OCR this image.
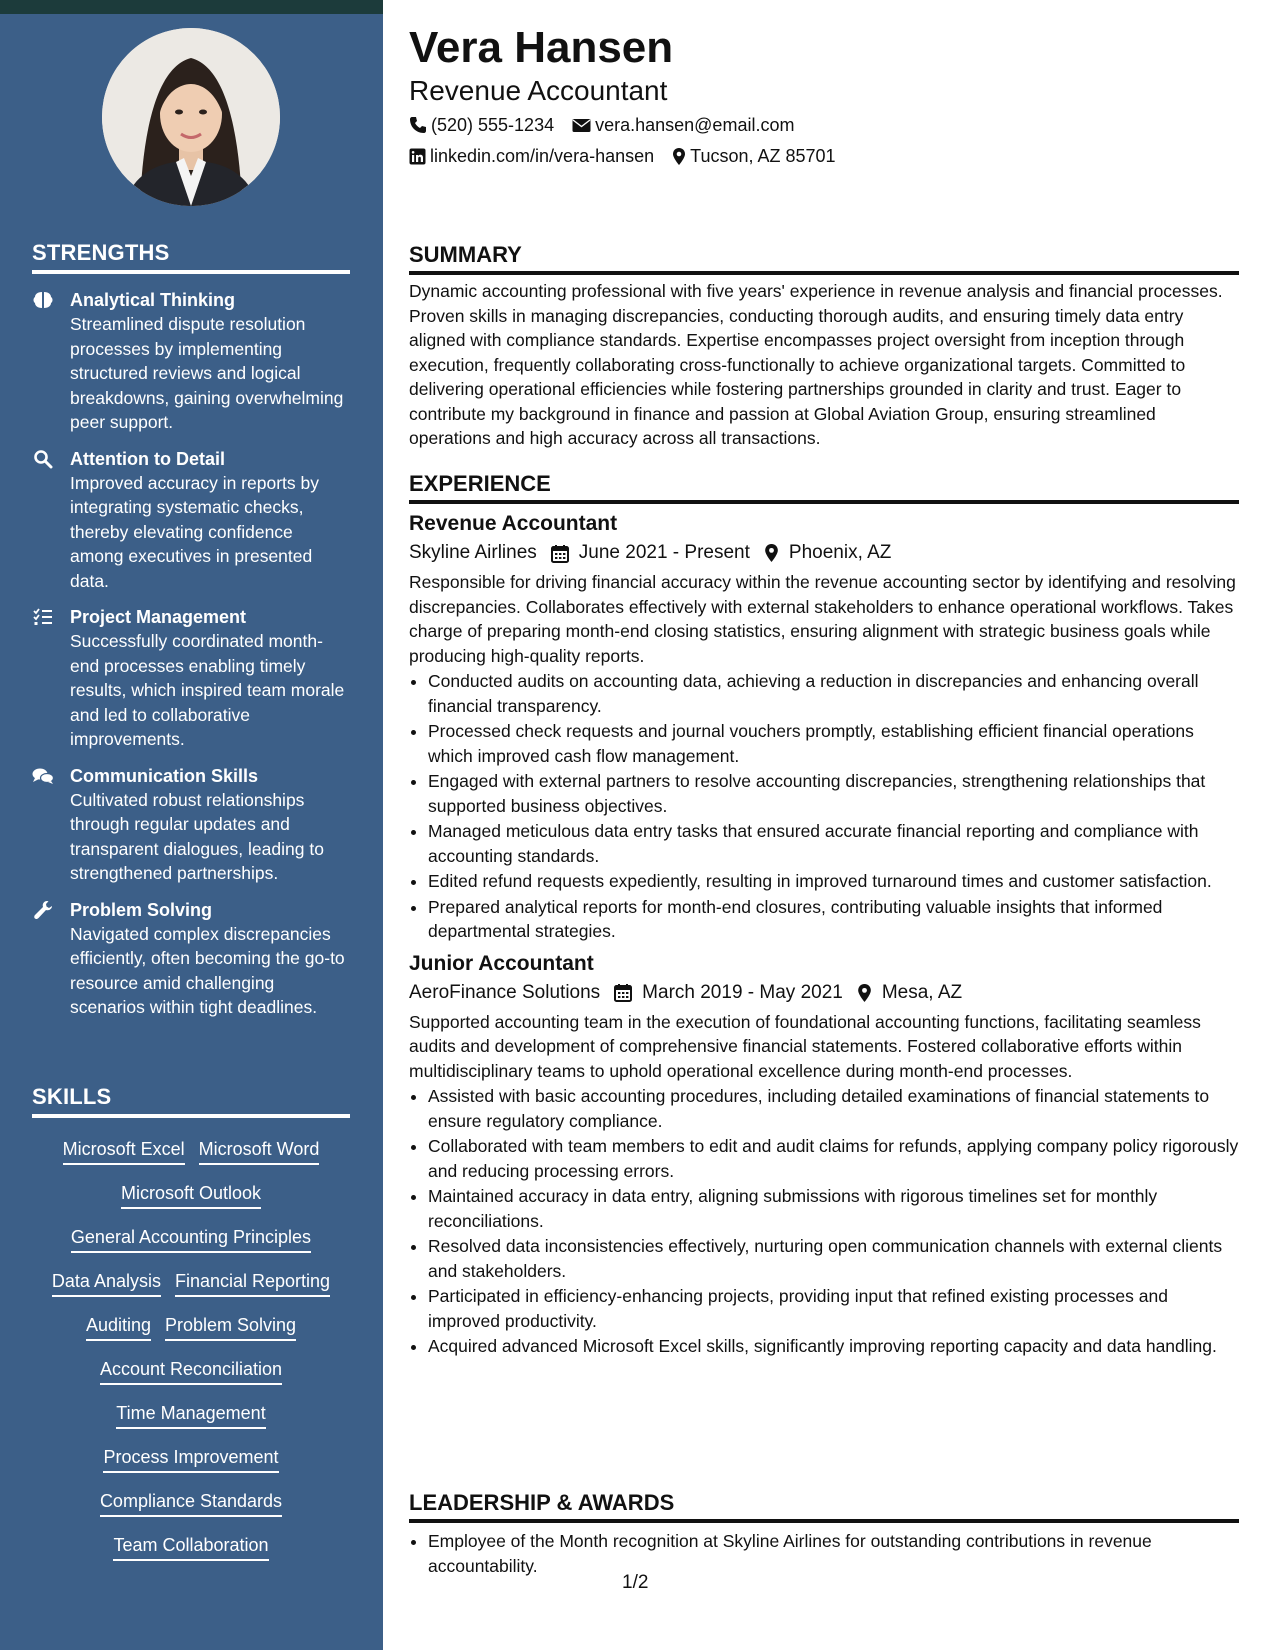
STRENGTHS
Analytical Thinking
Streamlined dispute resolution processes by implementing structured reviews and logical breakdowns, gaining overwhelming peer support.
Attention to Detail
Improved accuracy in reports by integrating systematic checks, thereby elevating confidence among executives in presented data.
Project Management
Successfully coordinated month-end processes enabling timely results, which inspired team morale and led to collaborative improvements.
Communication Skills
Cultivated robust relationships through regular updates and transparent dialogues, leading to strengthened partnerships.
Problem Solving
Navigated complex discrepancies efficiently, often becoming the go-to resource amid challenging scenarios within tight deadlines.
SKILLS
Microsoft Excel Microsoft Word
Microsoft Outlook
General Accounting Principles
Data Analysis Financial Reporting
Auditing Problem Solving
Account Reconciliation
Time Management
Process Improvement
Compliance Standards
Team Collaboration
Vera Hansen
Revenue Accountant
(520) 555-1234 vera.hansen@email.com
linkedin.com/in/vera-hansen Tucson, AZ 85701
SUMMARY
Dynamic accounting professional with five years' experience in revenue analysis and financial processes. Proven skills in managing discrepancies, conducting thorough audits, and ensuring timely data entry aligned with compliance standards. Expertise encompasses project oversight from inception through execution, frequently collaborating cross-functionally to achieve organizational targets. Committed to delivering operational efficiencies while fostering partnerships grounded in clarity and trust. Eager to contribute my background in finance and passion at Global Aviation Group, ensuring streamlined operations and high accuracy across all transactions.
EXPERIENCE
Revenue Accountant
Skyline Airlines June 2021 - Present Phoenix, AZ
Responsible for driving financial accuracy within the revenue accounting sector by identifying and resolving discrepancies. Collaborates effectively with external stakeholders to enhance operational workflows. Takes charge of preparing month-end closing statistics, ensuring alignment with strategic business goals while producing high-quality reports.
• Conducted audits on accounting data, achieving a reduction in discrepancies and enhancing overall financial transparency.
• Processed check requests and journal vouchers promptly, establishing efficient financial operations which improved cash flow management.
• Engaged with external partners to resolve accounting discrepancies, strengthening relationships that supported business objectives.
• Managed meticulous data entry tasks that ensured accurate financial reporting and compliance with accounting standards.
• Edited refund requests expediently, resulting in improved turnaround times and customer satisfaction.
• Prepared analytical reports for month-end closures, contributing valuable insights that informed departmental strategies.
Junior Accountant
AeroFinance Solutions March 2019 - May 2021 Mesa, AZ
Supported accounting team in the execution of foundational accounting functions, facilitating seamless audits and development of comprehensive financial statements. Fostered collaborative efforts within multidisciplinary teams to uphold operational excellence during month-end processes.
• Assisted with basic accounting procedures, including detailed examinations of financial statements to ensure regulatory compliance.
• Collaborated with team members to edit and audit claims for refunds, applying company policy rigorously and reducing processing errors.
• Maintained accuracy in data entry, aligning submissions with rigorous timelines set for monthly reconciliations.
• Resolved data inconsistencies effectively, nurturing open communication channels with external clients and stakeholders.
• Participated in efficiency-enhancing projects, providing input that refined existing processes and improved productivity.
• Acquired advanced Microsoft Excel skills, significantly improving reporting capacity and data handling.
LEADERSHIP & AWARDS
• Employee of the Month recognition at Skyline Airlines for outstanding contributions in revenue accountability.
1/2
